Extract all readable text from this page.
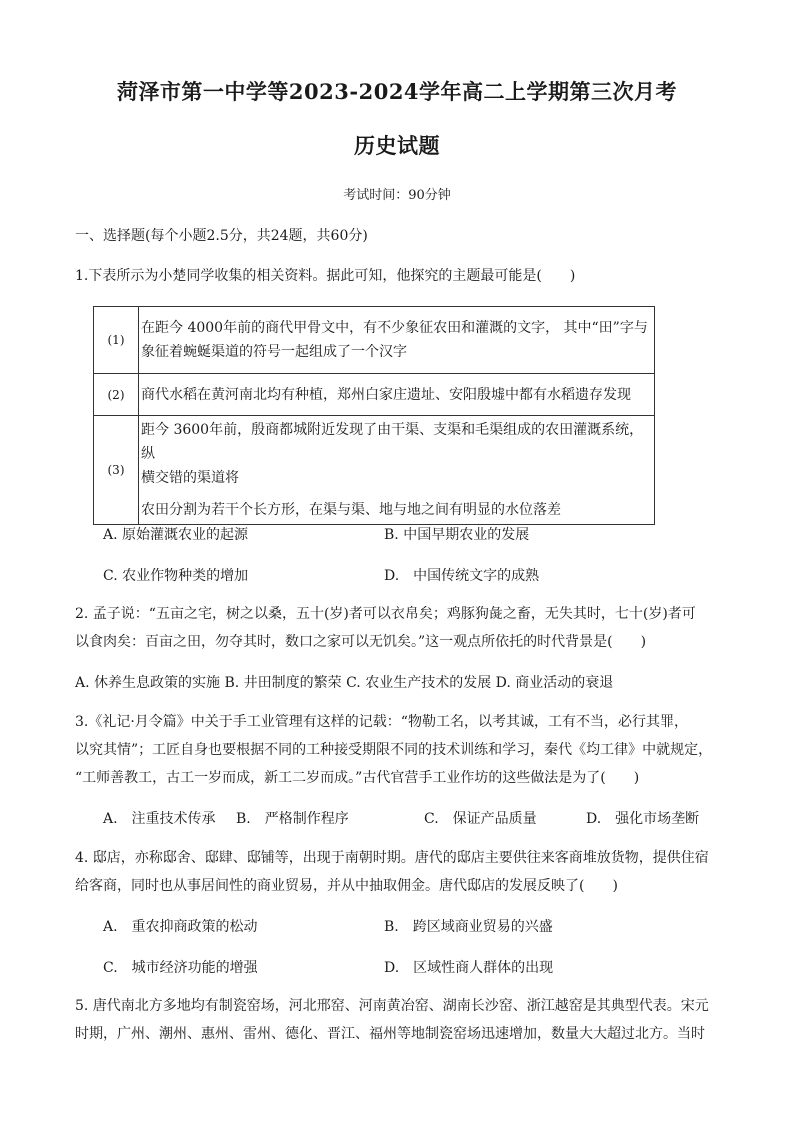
菏泽市第一中学等2023-2024学年高二上学期第三次月考
历史试题
考试时间：90分钟
一、选择题(每个小题2.5分，共24题，共60分)
1.下表所示为小楚同学收集的相关资料。据此可知，他探究的主题最可能是(　　)
(1)	在距今 4000年前的商代甲骨文中，有不少象征农田和灌溉的文字， 其中“田”字与
象征着蜿蜒渠道的符号一起组成了一个汉字

(2)	商代水稻在黄河南北均有种植，郑州白家庄遗址、安阳殷墟中都有水稻遗存发现

(3)	距今 3600年前，殷商都城附近发现了由干渠、支渠和毛渠组成的农田灌溉系统， 纵
横交错的渠道将
农田分割为若干个长方形，在渠与渠、地与地之间有明显的水位落差
A. 原始灌溉农业的起源	B. 中国早期农业的发展
C. 农业作物种类的增加	D.　中国传统文字的成熟
2. 孟子说：“五亩之宅，树之以桑，五十(岁)者可以衣帛矣；鸡豚狗彘之畜，无失其时，七十(岁)者可
以食肉矣：百亩之田，勿夺其时，数口之家可以无饥矣。”这一观点所依托的时代背景是(　　)
A. 休养生息政策的实施 B. 井田制度的繁荣 C. 农业生产技术的发展 D. 商业活动的衰退
3.《礼记·月令篇》中关于手工业管理有这样的记载：“物勒工名，以考其诚，工有不当，必行其罪，
以究其情”；工匠自身也要根据不同的工种接受期限不同的技术训练和学习，秦代《均工律》中就规定，
“工师善教工，古工一岁而成，新工二岁而成。”古代官营手工业作坊的这些做法是为了(　　)
A.　注重技术传承 B.　严格制作程序	C.　保证产品质量	D.　强化市场垄断
4. 邸店，亦称邸舍、邸肆、邸铺等，出现于南朝时期。唐代的邸店主要供往来客商堆放货物，提供住宿
给客商，同时也从事居间性的商业贸易，并从中抽取佣金。唐代邸店的发展反映了(　　)
A.　重农抑商政策的松动	B.　跨区域商业贸易的兴盛
C.　城市经济功能的增强	D.　区域性商人群体的出现
5. 唐代南北方多地均有制瓷窑场，河北邢窑、河南黄冶窑、湖南长沙窑、浙江越窑是其典型代表。宋元
时期，广州、潮州、惠州、雷州、德化、晋江、福州等地制瓷窑场迅速增加，数量大大超过北方。当时
